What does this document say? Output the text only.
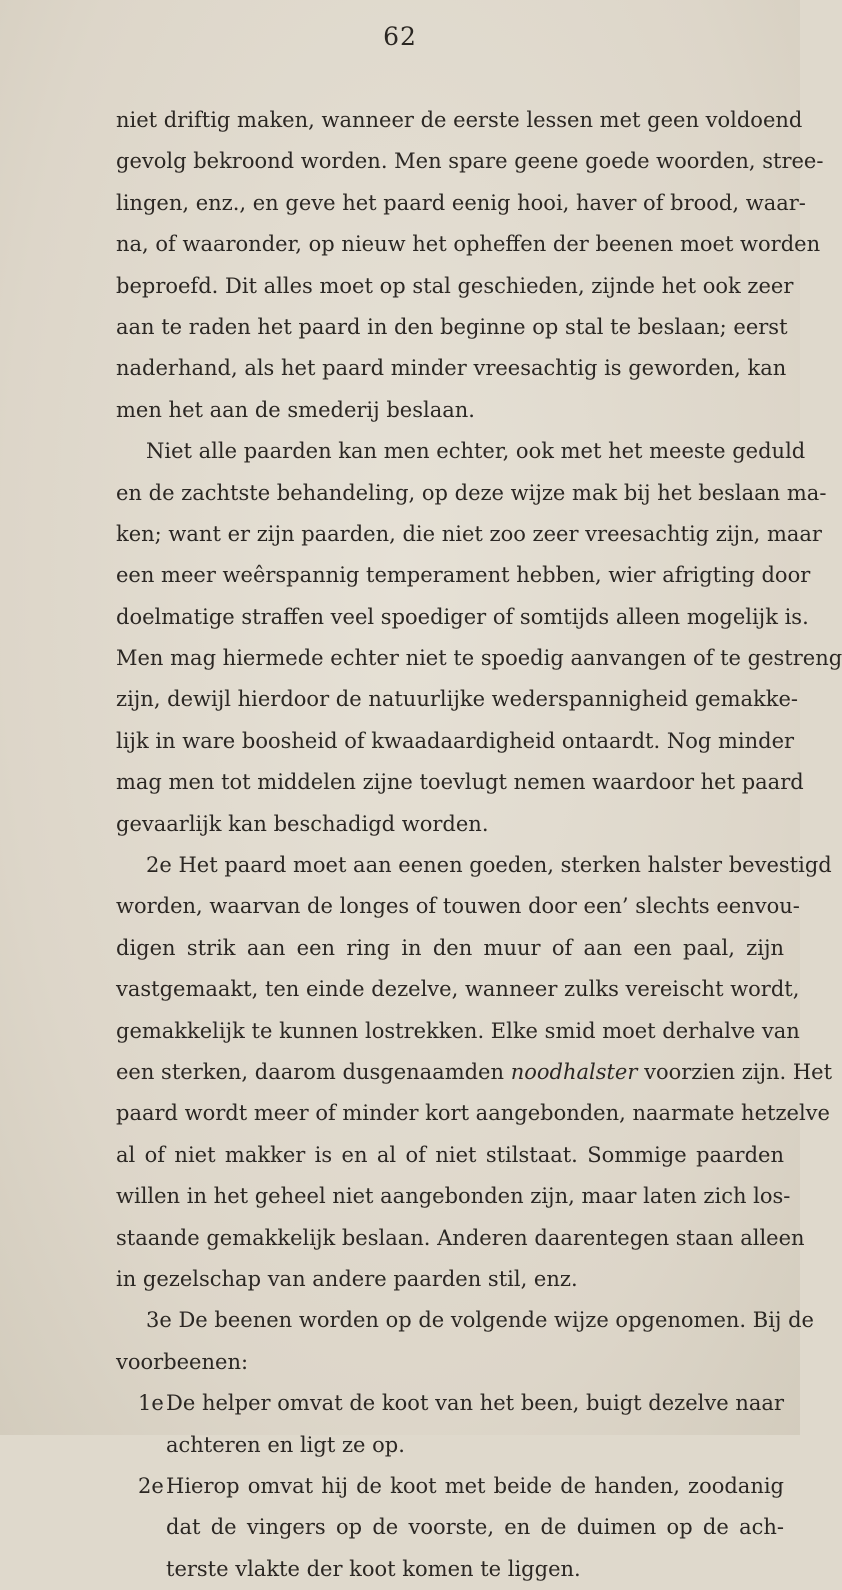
62
niet driftig maken, wanneer de eerste lessen met geen voldoend
gevolg bekroond worden. Men spare geene goede woorden, stree-
lingen, enz., en geve het paard eenig hooi, haver of brood, waar-
na, of waaronder, op nieuw het opheffen der beenen moet worden
beproefd. Dit alles moet op stal geschieden, zijnde het ook zeer
aan te raden het paard in den beginne op stal te beslaan; eerst
naderhand, als het paard minder vreesachtig is geworden, kan
men het aan de smederij beslaan.
Niet alle paarden kan men echter, ook met het meeste geduld
en de zachtste behandeling, op deze wijze mak bij het beslaan ma-
ken; want er zijn paarden, die niet zoo zeer vreesachtig zijn, maar
een meer weêrspannig temperament hebben, wier afrigting door
doelmatige straffen veel spoediger of somtijds alleen mogelijk is.
Men mag hiermede echter niet te spoedig aanvangen of te gestreng
zijn, dewijl hierdoor de natuurlijke wederspannigheid gemakke-
lijk in ware boosheid of kwaadaardigheid ontaardt. Nog minder
mag men tot middelen zijne toevlugt nemen waardoor het paard
gevaarlijk kan beschadigd worden.
2e Het paard moet aan eenen goeden, sterken halster bevestigd
worden, waarvan de longes of touwen door een’ slechts eenvou-
digen strik aan een ring in den muur of aan een paal, zijn
vastgemaakt, ten einde dezelve, wanneer zulks vereischt wordt,
gemakkelijk te kunnen lostrekken. Elke smid moet derhalve van
een sterken, daarom dusgenaamden noodhalster voorzien zijn. Het
paard wordt meer of minder kort aangebonden, naarmate hetzelve
al of niet makker is en al of niet stilstaat. Sommige paarden
willen in het geheel niet aangebonden zijn, maar laten zich los-
staande gemakkelijk beslaan. Anderen daarentegen staan alleen
in gezelschap van andere paarden stil, enz.
3e De beenen worden op de volgende wijze opgenomen. Bij de
voorbeenen:
1e De helper omvat de koot van het been, buigt dezelve naar
achteren en ligt ze op.
2e Hierop omvat hij de koot met beide de handen, zoodanig
dat de vingers op de voorste, en de duimen op de ach-
terste vlakte der koot komen te liggen.
